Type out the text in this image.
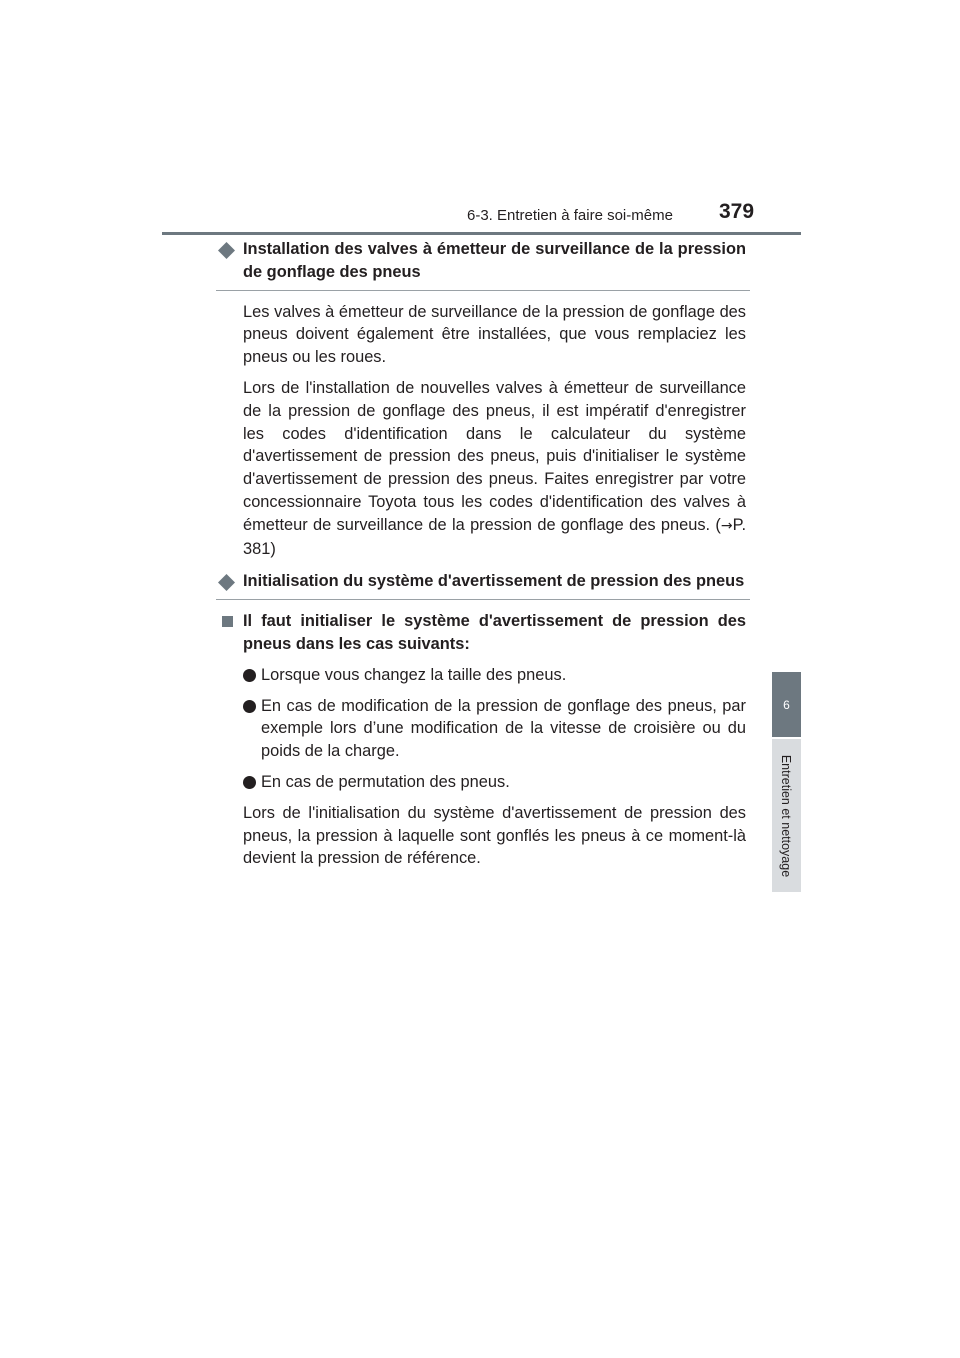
6-3. Entretien à faire soi-même 379
6
Entretien et nettoyage
Installation des valves à émetteur de surveillance de la pression de gonflage des pneus

Les valves à émetteur de surveillance de la pression de gonflage des pneus doivent également être installées, que vous remplaciez les pneus ou les roues.

Lors de l'installation de nouvelles valves à émetteur de surveillance de la pression de gonflage des pneus, il est impératif d'enregistrer les codes d'identification dans le calculateur du système d'avertissement de pression des pneus, puis d'initialiser le système d'avertissement de pression des pneus. Faites enregistrer par votre concessionnaire Toyota tous les codes d'identification des valves à émetteur de surveillance de la pression de gonflage des pneus. (→P. 381)

Initialisation du système d'avertissement de pression des pneus
Il faut initialiser le système d'avertissement de pression des pneus dans les cas suivants:
Lorsque vous changez la taille des pneus.
En cas de modification de la pression de gonflage des pneus, par exemple lors d’une modification de la vitesse de croisière ou du poids de la charge.
En cas de permutation des pneus.

Lors de l'initialisation du système d'avertissement de pression des pneus, la pression à laquelle sont gonflés les pneus à ce moment-là devient la pression de référence.
